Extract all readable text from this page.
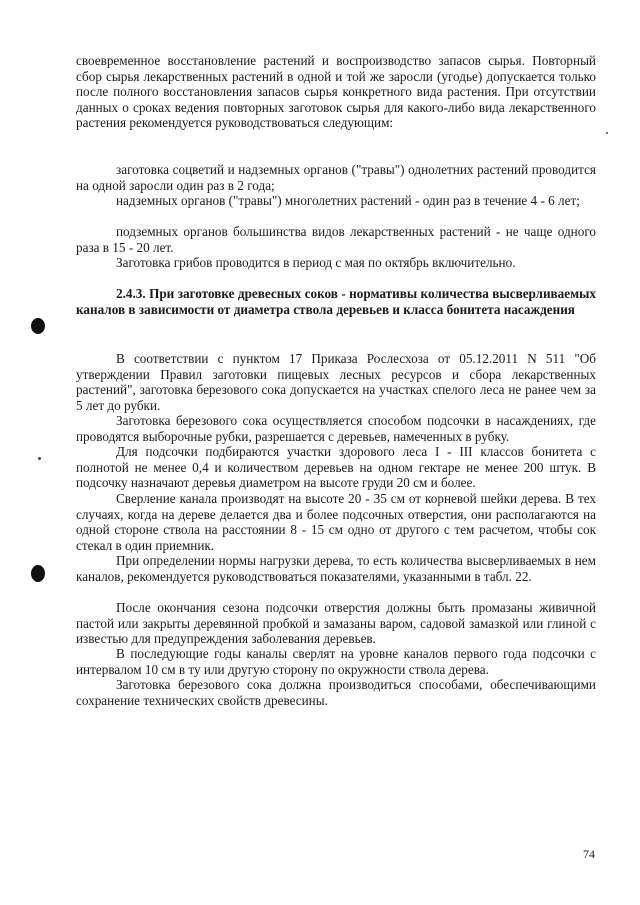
своевременное восстановление растений и воспроизводство запасов сырья. Повторный сбор сырья лекарственных растений в одной и той же заросли (угодье) допускается только после полного восстановления запасов сырья конкретного вида растения. При отсутствии данных о сроках ведения повторных заготовок сырья для какого-либо вида лекарственного растения рекомендуется руководствоваться следующим:

заготовка соцветий и надземных органов ("травы") однолетних растений проводится на одной заросли один раз в 2 года;

надземных органов ("травы") многолетних растений - один раз в течение 4 - 6 лет;

подземных органов большинства видов лекарственных растений - не чаще одного раза в 15 - 20 лет.

Заготовка грибов проводится в период с мая по октябрь включительно.

2.4.3. При заготовке древесных соков - нормативы количества высверливаемых каналов в зависимости от диаметра ствола деревьев и класса бонитета насаждения

В соответствии с пунктом 17 Приказа Рослесхоза от 05.12.2011 N 511 "Об утверждении Правил заготовки пищевых лесных ресурсов и сбора лекарственных растений", заготовка березового сока допускается на участках спелого леса не ранее чем за 5 лет до рубки.

Заготовка березового сока осуществляется способом подсочки в насаждениях, где проводятся выборочные рубки, разрешается с деревьев, намеченных в рубку.

Для подсочки подбираются участки здорового леса I - III классов бонитета с полнотой не менее 0,4 и количеством деревьев на одном гектаре не менее 200 штук. В подсочку назначают деревья диаметром на высоте груди 20 см и более.

Сверление канала производят на высоте 20 - 35 см от корневой шейки дерева. В тех случаях, когда на дереве делается два и более подсочных отверстия, они располагаются на одной стороне ствола на расстоянии 8 - 15 см одно от другого с тем расчетом, чтобы сок стекал в один приемник.

При определении нормы нагрузки дерева, то есть количества высверливаемых в нем каналов, рекомендуется руководствоваться показателями, указанными в табл. 22.

После окончания сезона подсочки отверстия должны быть промазаны живичной пастой или закрыты деревянной пробкой и замазаны варом, садовой замазкой или глиной с известью для предупреждения заболевания деревьев.

В последующие годы каналы сверлят на уровне каналов первого года подсочки с интервалом 10 см в ту или другую сторону по окружности ствола дерева.

Заготовка березового сока должна производиться способами, обеспечивающими сохранение технических свойств древесины.

74
